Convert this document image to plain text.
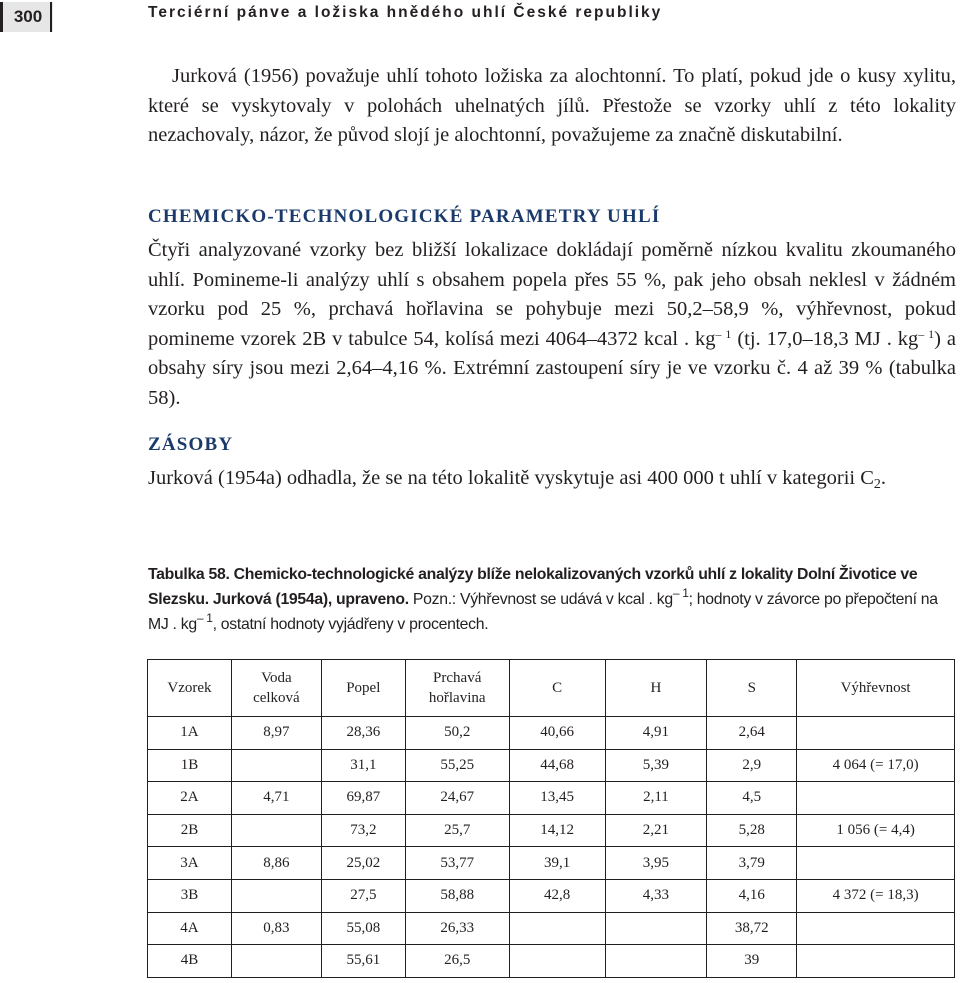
300	Terciérní pánve a ložiska hnědého uhlí České republiky

Jurková (1956) považuje uhlí tohoto ložiska za alochtonní. To platí, pokud jde o kusy xylitu, které se vyskytovaly v polohách uhelnatých jílů. Přestože se vzorky uhlí z této lokality nezachovaly, názor, že původ slojí je alochtonní, považujeme za značně diskutabilní.

CHEMICKO-TECHNOLOGICKÉ PARAMETRY UHLÍ

Čtyři analyzované vzorky bez bližší lokalizace dokládají poměrně nízkou kvalitu zkoumaného uhlí. Pomineme-li analýzy uhlí s obsahem popela přes 55 %, pak jeho obsah neklesl v žádném vzorku pod 25 %, prchavá hořlavina se pohybuje mezi 50,2–58,9 %, výhřevnost, pokud pomineme vzorek 2B v tabulce 54, kolísá mezi 4064–4372 kcal . $kg^{- 1}$ (tj. 17,0–18,3 MJ . $kg^{- 1}$) a obsahy síry jsou mezi 2,64–4,16 %. Extrémní zastoupení síry je ve vzorku č. 4 až 39 % (tabulka 58).

ZÁSOBY

Jurková (1954a) odhadla, že se na této lokalitě vyskytuje asi 400 000 t uhlí v kategorii $C_2$.

Tabulka 58. Chemicko-technologické analýzy blíže nelokalizovaných vzorků uhlí z lokality Dolní Životice ve Slezsku. Jurková (1954a), upraveno. Pozn.: Výhřevnost se udává v kcal . $kg^{- 1}$; hodnoty v závorce po přepočtení na MJ . $kg^{- 1}$, ostatní hodnoty vyjádřeny v procentech.

Vzorek	Voda celková	Popel	Prchavá hořlavina	C	H	S	Výhřevnost
1A	8,97	28,36	50,2	40,66	4,91	2,64	
1B		31,1	55,25	44,68	5,39	2,9	4 064 (= 17,0)
2A	4,71	69,87	24,67	13,45	2,11	4,5	
2B		73,2	25,7	14,12	2,21	5,28	1 056 (= 4,4)
3A	8,86	25,02	53,77	39,1	3,95	3,79	
3B		27,5	58,88	42,8	4,33	4,16	4 372 (= 18,3)
4A	0,83	55,08	26,33			38,72	
4B		55,61	26,5			39	
